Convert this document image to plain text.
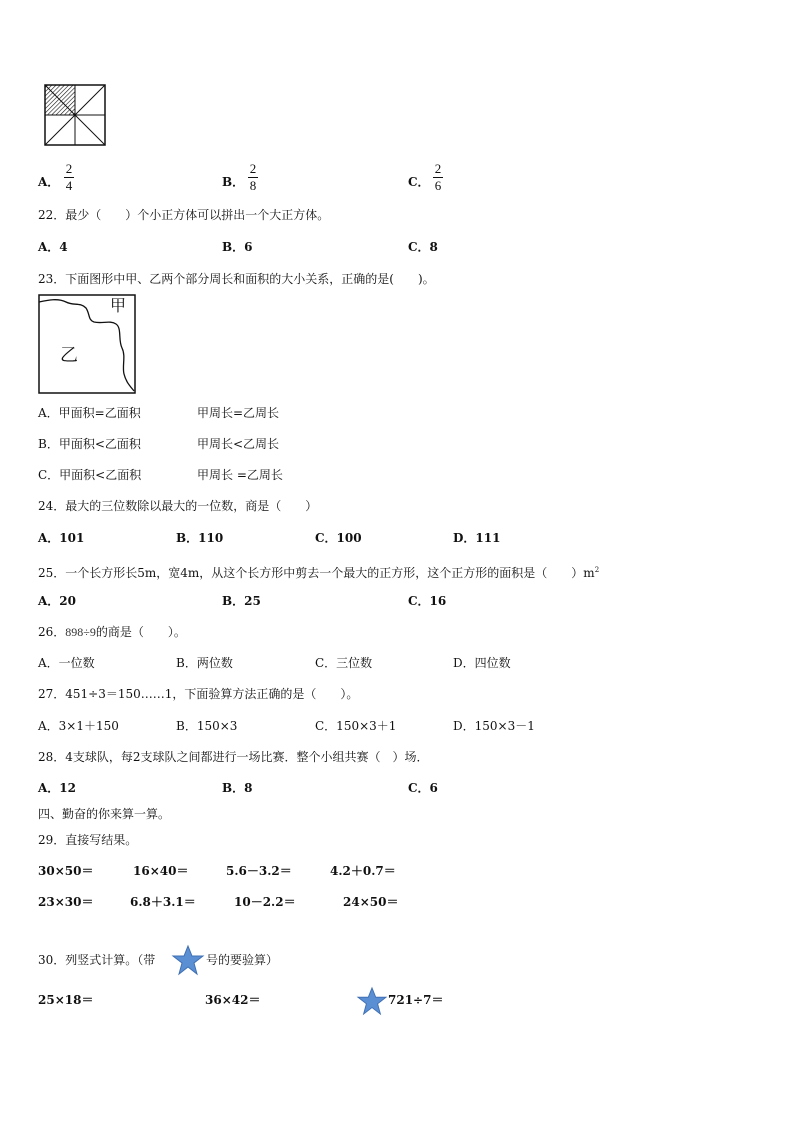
A．
2
4	B．
2
8	C．
2
6
22．最少（　　）个小正方体可以拼出一个大正方体。
A．4	B．6	C．8
23．下面图形中甲、乙两个部分周长和面积的大小关系，正确的是(　　)。
甲
乙
A．甲面积=乙面积	甲周长=乙周长
B．甲面积<乙面积	甲周长<乙周长
C．甲面积<乙面积	甲周长 =乙周长
24．最大的三位数除以最大的一位数，商是（　　）
A．101	B．110	C．100	D．111
25．一个长方形长5m，宽4m，从这个长方形中剪去一个最大的正方形，这个正方形的面积是（　　）$m^2$
A．20	B．25	C．16
26．898÷9的商是（　　）。
A．一位数	B．两位数	C．三位数	D．四位数
27．451÷3＝150……1，下面验算方法正确的是（　　）。
A．3×1＋150	B．150×3	C．150×3＋1	D．150×3－1
28．4支球队，每2支球队之间都进行一场比赛．整个小组共赛（　）场．
A．12	B．8	C．6
四、勤奋的你来算一算。
29．直接写结果。
30×50＝	16×40＝	5.6－3.2＝	4.2＋0.7＝
23×30＝	6.8＋3.1＝	10－2.2＝	24×50＝
30．列竖式计算。（带	号的要验算）
25×18＝	36×42＝	721÷7＝
